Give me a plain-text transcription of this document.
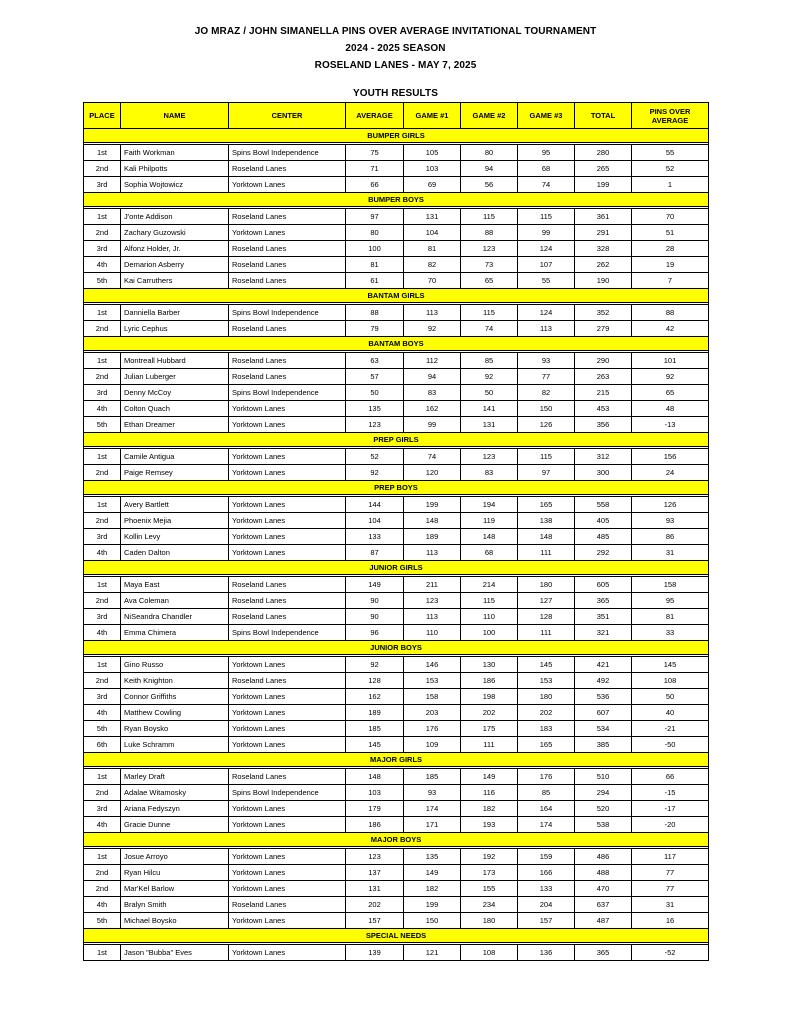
JO MRAZ / JOHN SIMANELLA PINS OVER AVERAGE INVITATIONAL TOURNAMENT
2024 - 2025 SEASON
ROSELAND LANES - MAY 7, 2025
YOUTH RESULTS
PLACE	NAME	CENTER	AVERAGE	GAME #1	GAME #2	GAME #3	TOTAL	PINS OVER AVERAGE
BUMPER GIRLS								

1st	Faith Workman	Spins Bowl Independence	75	105	80	95	280	55
2nd	Kali Philpotts	Roseland Lanes	71	103	94	68	265	52
3rd	Sophia Wojtowicz	Yorktown Lanes	66	69	56	74	199	1
BUMPER BOYS								

1st	J'onte Addison	Roseland Lanes	97	131	115	115	361	70
2nd	Zachary Guzowski	Yorktown Lanes	80	104	88	99	291	51
3rd	Alfonz Holder, Jr.	Roseland Lanes	100	81	123	124	328	28
4th	Demarion Asberry	Roseland Lanes	81	82	73	107	262	19
5th	Kai Carruthers	Roseland Lanes	61	70	65	55	190	7
BANTAM GIRLS								

1st	Danniella Barber	Spins Bowl Independence	88	113	115	124	352	88
2nd	Lyric Cephus	Roseland Lanes	79	92	74	113	279	42
BANTAM BOYS								

1st	Montreall Hubbard	Roseland Lanes	63	112	85	93	290	101
2nd	Julian Luberger	Roseland Lanes	57	94	92	77	263	92
3rd	Denny McCoy	Spins Bowl Independence	50	83	50	82	215	65
4th	Colton Quach	Yorktown Lanes	135	162	141	150	453	48
5th	Ethan Dreamer	Yorktown Lanes	123	99	131	126	356	-13
PREP GIRLS								

1st	Camile Antigua	Yorktown Lanes	52	74	123	115	312	156
2nd	Paige Remsey	Yorktown Lanes	92	120	83	97	300	24
PREP BOYS								

1st	Avery Bartlett	Yorktown Lanes	144	199	194	165	558	126
2nd	Phoenix Mejia	Yorktown Lanes	104	148	119	138	405	93
3rd	Kollin Levy	Yorktown Lanes	133	189	148	148	485	86
4th	Caden Dalton	Yorktown Lanes	87	113	68	111	292	31
JUNIOR GIRLS								

1st	Maya East	Roseland Lanes	149	211	214	180	605	158
2nd	Ava Coleman	Roseland Lanes	90	123	115	127	365	95
3rd	NiSeandra Chandler	Roseland Lanes	90	113	110	128	351	81
4th	Emma Chimera	Spins Bowl Independence	96	110	100	111	321	33
JUNIOR BOYS								

1st	Gino Russo	Yorktown Lanes	92	146	130	145	421	145
2nd	Keith Knighton	Roseland Lanes	128	153	186	153	492	108
3rd	Connor Griffiths	Yorktown Lanes	162	158	198	180	536	50
4th	Matthew Cowling	Yorktown Lanes	189	203	202	202	607	40
5th	Ryan Boysko	Yorktown Lanes	185	176	175	183	534	-21
6th	Luke Schramm	Yorktown Lanes	145	109	111	165	385	-50
MAJOR GIRLS								

1st	Marley Draft	Roseland Lanes	148	185	149	176	510	66
2nd	Adalae Witamosky	Spins Bowl Independence	103	93	116	85	294	-15
3rd	Ariana Fedyszyn	Yorktown Lanes	179	174	182	164	520	-17
4th	Gracie Dunne	Yorktown Lanes	186	171	193	174	538	-20
MAJOR BOYS								

1st	Josue Arroyo	Yorktown Lanes	123	135	192	159	486	117
2nd	Ryan Hilcu	Yorktown Lanes	137	149	173	166	488	77
2nd	Mar'Kel Barlow	Yorktown Lanes	131	182	155	133	470	77
4th	Bralyn Smith	Roseland Lanes	202	199	234	204	637	31
5th	Michael Boysko	Yorktown Lanes	157	150	180	157	487	16
SPECIAL NEEDS								

1st	Jason "Bubba" Eves	Yorktown Lanes	139	121	108	136	365	-52
